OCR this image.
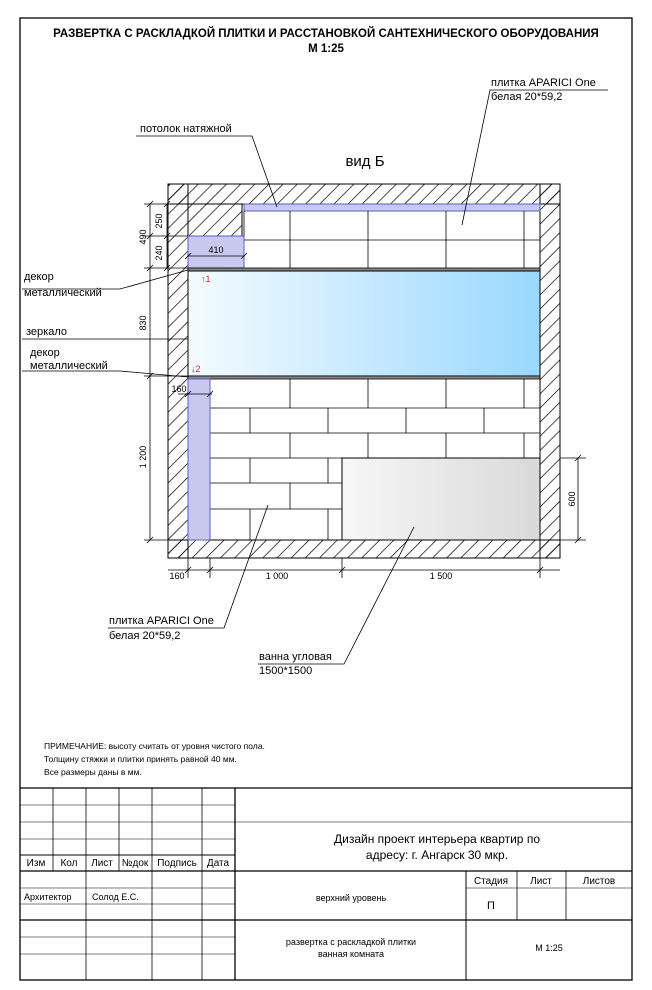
РАЗВЕРТКА С РАСКЛАДКОЙ ПЛИТКИ И РАССТАНОВКОЙ САНТЕХНИЧЕСКОГО ОБОРУДОВАНИЯ
М 1:25
вид Б
↑1
↓2
250
240
490
830
1 200
410
160
160	1 000	1 500
600
плитка APARICI One
белая 20*59,2
потолок натяжной
декор
металлический
зеркало
декор
металлический
плитка APARICI One
белая 20*59,2
ванна угловая
1500*1500
ПРИМЕЧАНИЕ: высоту считать от уровня чистого пола.
Толщину стяжки и плитки принять равной 40 мм.
Все размеры даны в мм.
Изм Кол Лист №док Подпись Дата
Дизайн проект интерьера квартир по
адресу: г. Ангарск 30 мкр.
Архитектор Солод Е.С.
Стадия Лист	Листов
П
верхний уровень
развертка с раскладкой плитки
ванная комната
М 1:25
